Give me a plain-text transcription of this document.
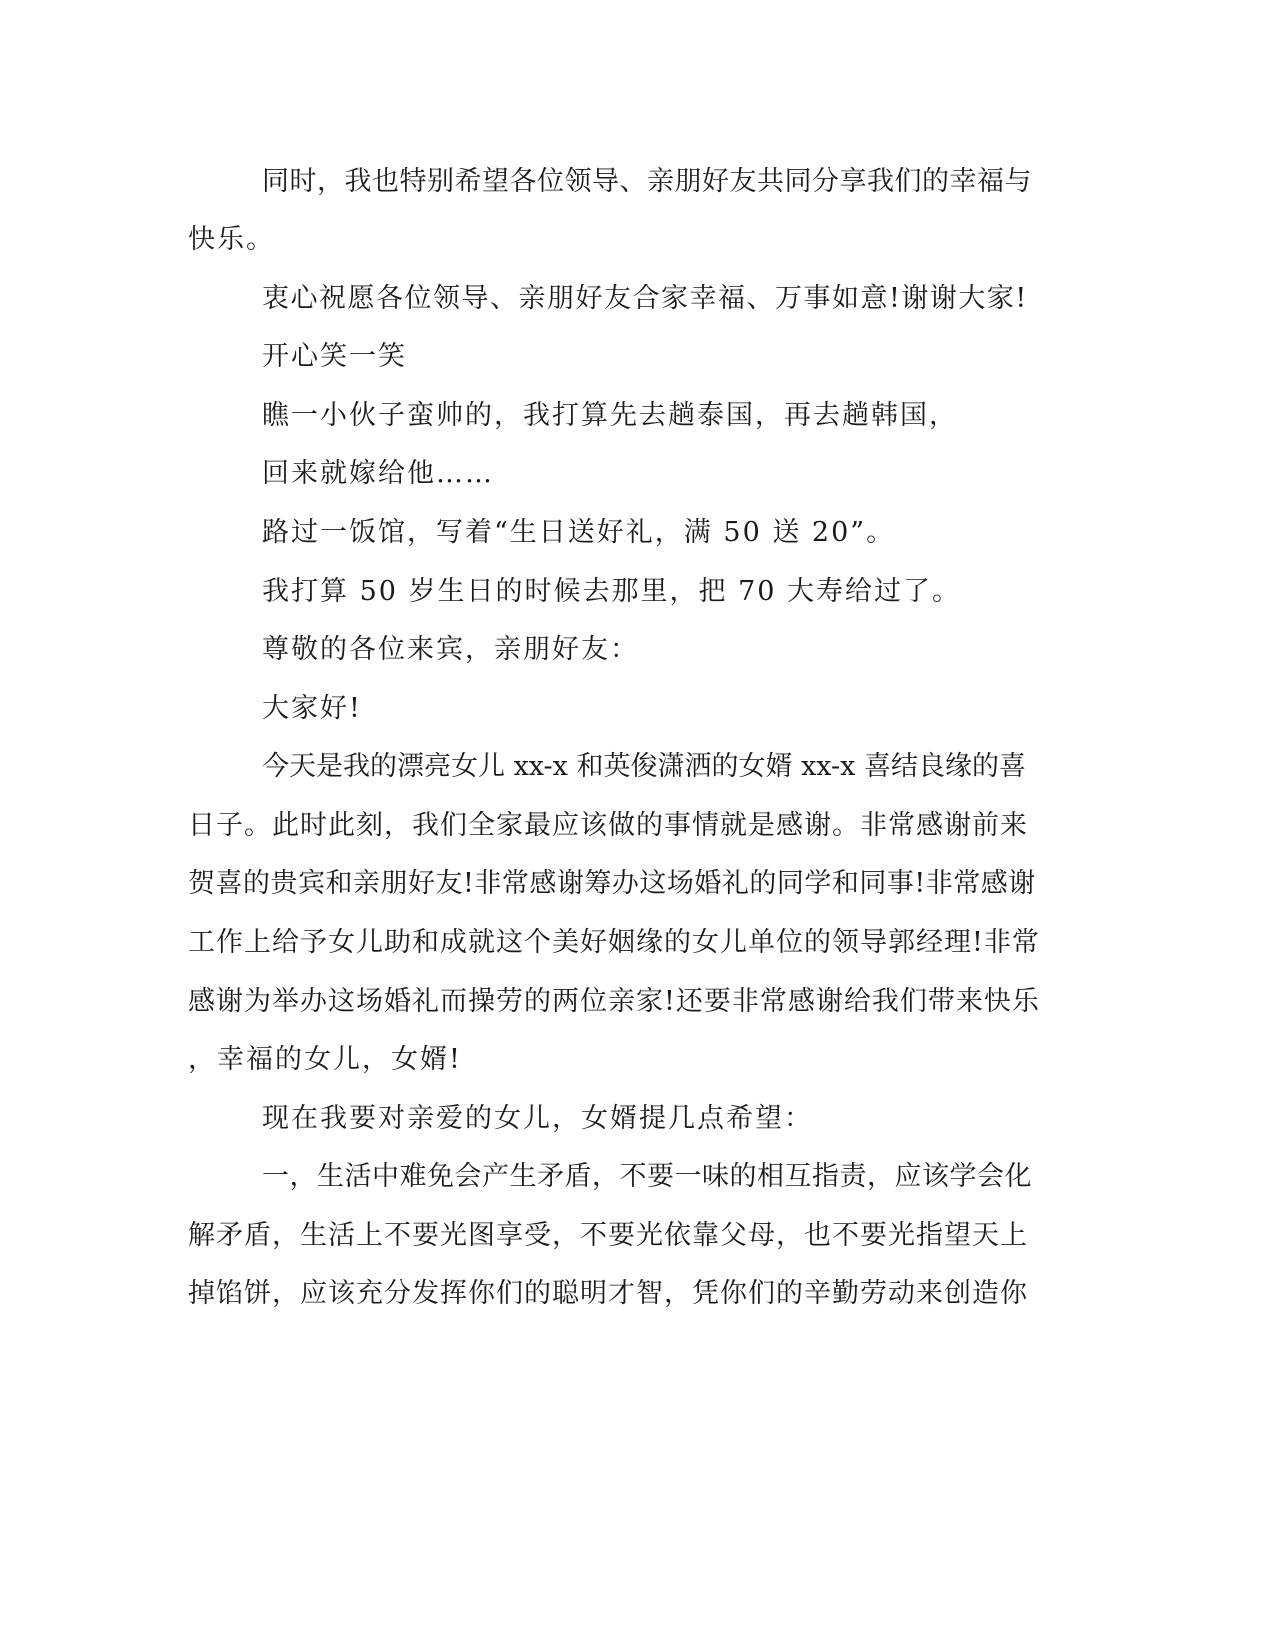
同时，我也特别希望各位领导、亲朋好友共同分享我们的幸福与
快乐。
衷心祝愿各位领导、亲朋好友合家幸福、万事如意!谢谢大家!
开心笑一笑
瞧一小伙子蛮帅的，我打算先去趟泰国，再去趟韩国，
回来就嫁给他……
路过一饭馆，写着“生日送好礼，满 50 送 20”。
我打算 50 岁生日的时候去那里，把 70 大寿给过了。
尊敬的各位来宾，亲朋好友：
大家好!
今天是我的漂亮女儿 xx-x 和英俊潇洒的女婿 xx-x 喜结良缘的喜
日子。此时此刻，我们全家最应该做的事情就是感谢。非常感谢前来
贺喜的贵宾和亲朋好友!非常感谢筹办这场婚礼的同学和同事!非常感谢
工作上给予女儿助和成就这个美好姻缘的女儿单位的领导郭经理!非常
感谢为举办这场婚礼而操劳的两位亲家!还要非常感谢给我们带来快乐
，幸福的女儿，女婿!
现在我要对亲爱的女儿，女婿提几点希望：
一，生活中难免会产生矛盾，不要一味的相互指责，应该学会化
解矛盾，生活上不要光图享受，不要光依靠父母，也不要光指望天上
掉馅饼，应该充分发挥你们的聪明才智，凭你们的辛勤劳动来创造你
